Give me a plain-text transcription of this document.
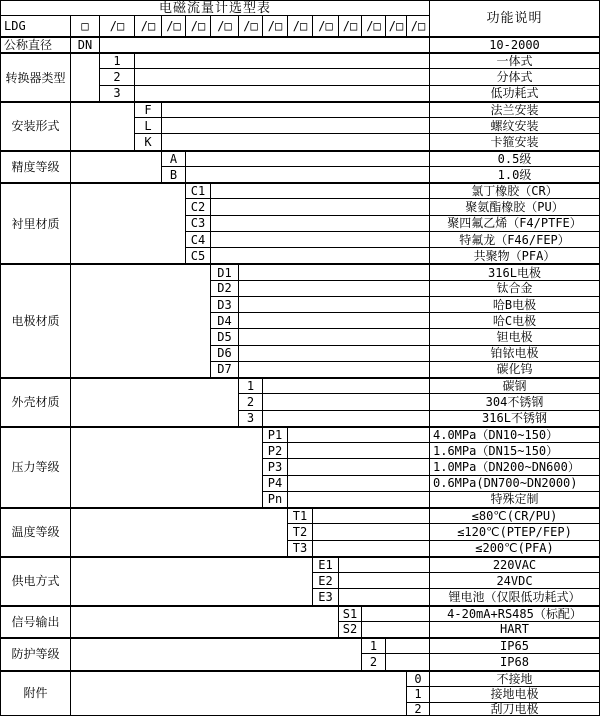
电磁流量计选型表
功能说明
LDG	□	/□	/□ /□ /□	/□ /□ /□ /□ /□ /□ /□ /□ /□
公称直径	DN	10-2000
转换器类型
1	一体式
2	分体式
3	低功耗式
安装形式
F	法兰安装
L	螺纹安装
K	卡箍安装
精度等级
A	0.5级
B	1.0级
衬里材质
C1	氯丁橡胶（CR）
C2	聚氨酯橡胶（PU）
C3	聚四氟乙烯（F4/PTFE）
C4	特氟龙（F46/FEP）
C5	共聚物（PFA）
电极材质
D1	316L电极
D2	钛合金
D3	哈B电极
D4	哈C电极
D5	钽电极
D6	铂铱电极
D7	碳化钨
外壳材质
1	碳钢
2	304不锈钢
3	316L不锈钢
压力等级
P1	4.0MPa（DN10~150）
P2	1.6MPa（DN15~150）
P3	1.0MPa（DN200~DN600）
P4	0.6MPa(DN700~DN2000)
Pn	特殊定制
温度等级
T1	≤80℃(CR/PU)
T2	≤120℃(PTEP/FEP)
T3	≤200℃(PFA)
供电方式
E1	220VAC
E2	24VDC
E3	锂电池（仅限低功耗式）
信号输出
S1	4-20mA+RS485（标配）
S2	HART
防护等级
1	IP65
2	IP68
附件
0	不接地
1	接地电极
2	刮刀电极
